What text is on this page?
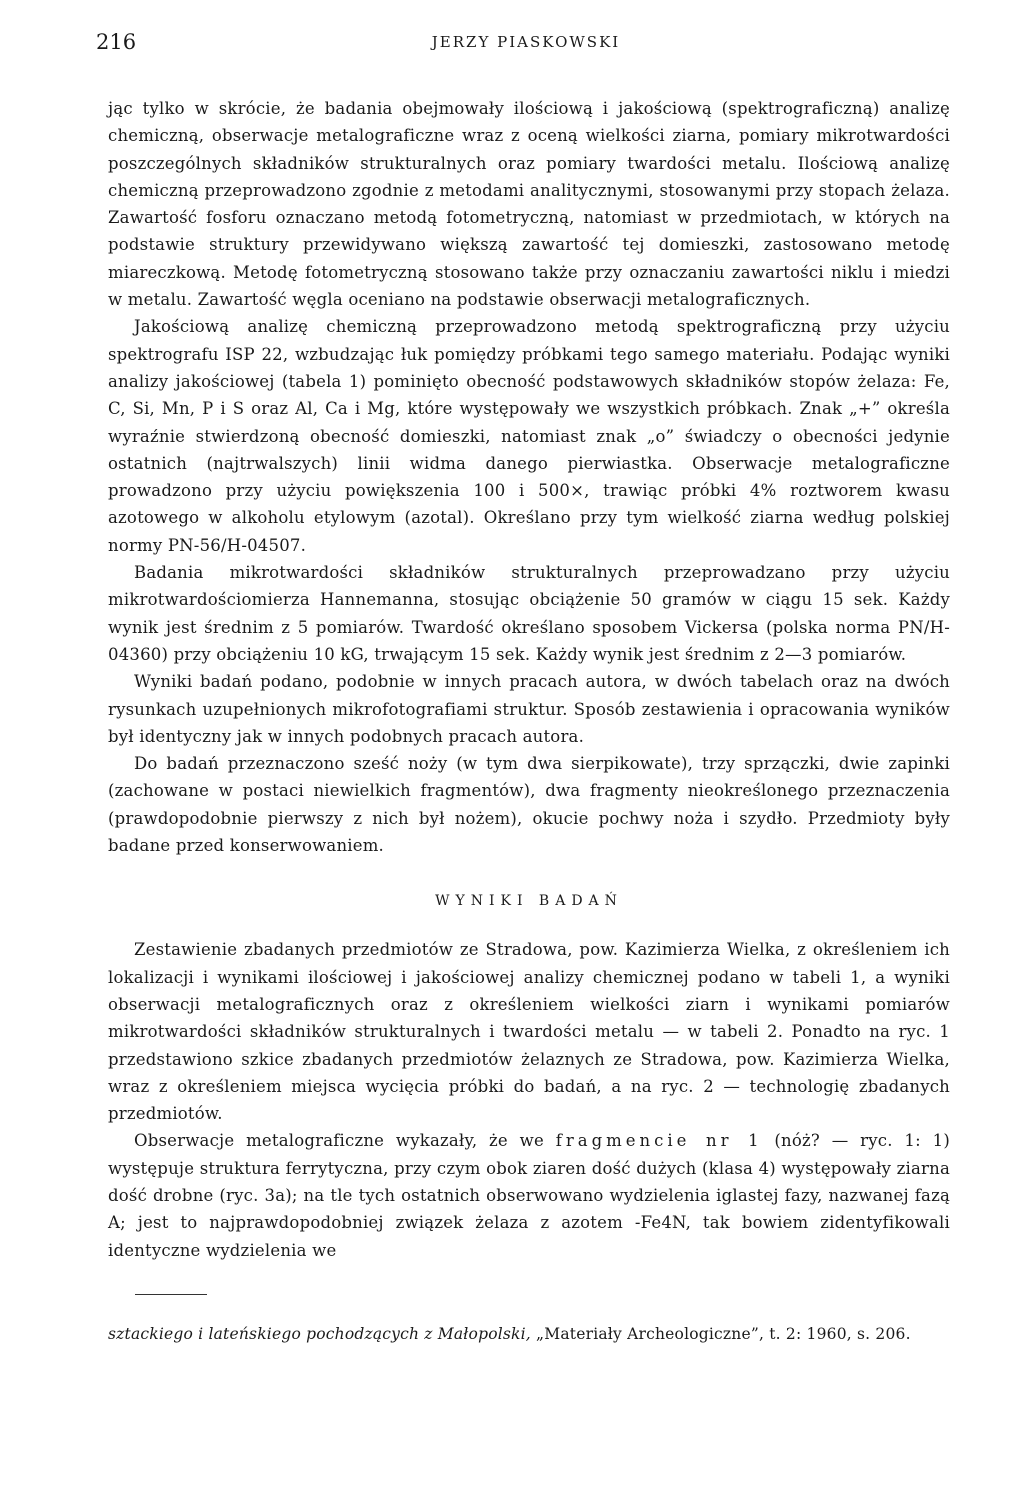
216	JERZY PIASKOWSKI

jąc tylko w skrócie, że badania obejmowały ilościową i jakościową (spektrograficzną) analizę chemiczną, obserwacje metalograficzne wraz z oceną wielkości ziarna, pomiary mikrotwardości poszczególnych składników strukturalnych oraz pomiary twardości metalu. Ilościową analizę chemiczną przeprowadzono zgodnie z metodami analitycznymi, stosowanymi przy stopach żelaza. Zawartość fosforu oznaczano metodą fotometryczną, natomiast w przedmiotach, w których na podstawie struktury przewidywano większą zawartość tej domieszki, zastosowano metodę miareczkową. Metodę fotometryczną stosowano także przy oznaczaniu zawartości niklu i miedzi w metalu. Zawartość węgla oceniano na podstawie obserwacji metalograficznych.

Jakościową analizę chemiczną przeprowadzono metodą spektrograficzną przy użyciu spektrografu ISP 22, wzbudzając łuk pomiędzy próbkami tego samego materiału. Podając wyniki analizy jakościowej (tabela 1) pominięto obecność podstawowych składników stopów żelaza: Fe, C, Si, Mn, P i S oraz Al, Ca i Mg, które występowały we wszystkich próbkach. Znak „+” określa wyraźnie stwierdzoną obecność domieszki, natomiast znak „o” świadczy o obecności jedynie ostatnich (najtrwalszych) linii widma danego pierwiastka. Obserwacje metalograficzne prowadzono przy użyciu powiększenia 100 i 500×, trawiąc próbki 4% roztworem kwasu azotowego w alkoholu etylowym (azotal). Określano przy tym wielkość ziarna według polskiej normy PN-56/H-04507.

Badania mikrotwardości składników strukturalnych przeprowadzano przy użyciu mikrotwardościomierza Hannemanna, stosując obciążenie 50 gramów w ciągu 15 sek. Każdy wynik jest średnim z 5 pomiarów. Twardość określano sposobem Vickersa (polska norma PN/H-04360) przy obciążeniu 10 kG, trwającym 15 sek. Każdy wynik jest średnim z 2—3 pomiarów.

Wyniki badań podano, podobnie w innych pracach autora, w dwóch tabelach oraz na dwóch rysunkach uzupełnionych mikrofotografiami struktur. Sposób zestawienia i opracowania wyników był identyczny jak w innych podobnych pracach autora.

Do badań przeznaczono sześć noży (w tym dwa sierpikowate), trzy sprzączki, dwie zapinki (zachowane w postaci niewielkich fragmentów), dwa fragmenty nieokreślonego przeznaczenia (prawdopodobnie pierwszy z nich był nożem), okucie pochwy noża i szydło. Przedmioty były badane przed konserwowaniem.

WYNIKI BADAŃ

Zestawienie zbadanych przedmiotów ze Stradowa, pow. Kazimierza Wielka, z określeniem ich lokalizacji i wynikami ilościowej i jakościowej analizy chemicznej podano w tabeli 1, a wyniki obserwacji metalograficznych oraz z określeniem wielkości ziarn i wynikami pomiarów mikrotwardości składników strukturalnych i twardości metalu — w tabeli 2. Ponadto na ryc. 1 przedstawiono szkice zbadanych przedmiotów żelaznych ze Stradowa, pow. Kazimierza Wielka, wraz z określeniem miejsca wycięcia próbki do badań, a na ryc. 2 — technologię zbadanych przedmiotów.

Obserwacje metalograficzne wykazały, że we fragmencie nr 1 (nóż? — ryc. 1: 1) występuje struktura ferrytyczna, przy czym obok ziaren dość dużych (klasa 4) występowały ziarna dość drobne (ryc. 3a); na tle tych ostatnich obserwowano wydzielenia iglastej fazy, nazwanej fazą A; jest to najprawdopodobniej związek żelaza z azotem -Fe4N, tak bowiem zidentyfikowali identyczne wydzielenia we

sztackiego i lateńskiego pochodzących z Małopolski, „Materiały Archeologiczne”, t. 2: 1960, s. 206.
